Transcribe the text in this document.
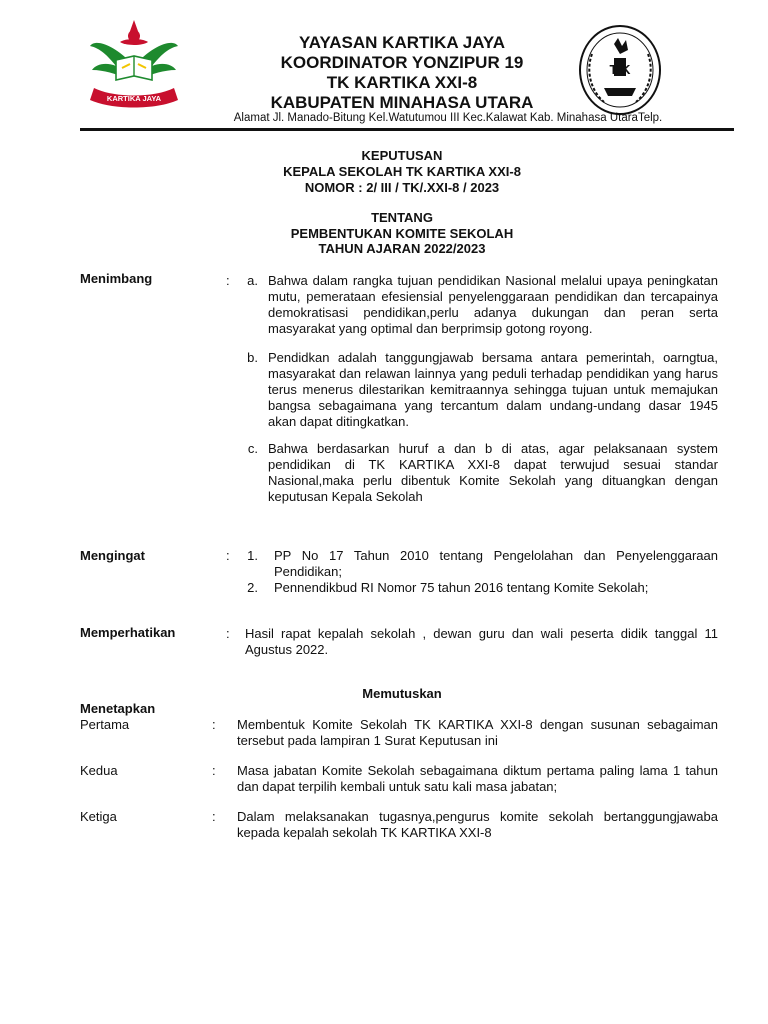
KARTIKA JAYA
T K
YAYASAN KARTIKA JAYA
KOORDINATOR YONZIPUR 19
TK KARTIKA XXI-8
KABUPATEN MINAHASA UTARA
Alamat Jl. Manado-Bitung Kel.Watutumou III Kec.Kalawat Kab. Minahasa UtaraTelp.
KEPUTUSAN
KEPALA SEKOLAH TK KARTIKA XXI-8
NOMOR : 2/ III / TK/.XXI-8 / 2023
TENTANG
PEMBENTUKAN KOMITE SEKOLAH
TAHUN AJARAN 2022/2023
Menimbang	:	a. Bahwa dalam rangka tujuan pendidikan Nasional melalui upaya peningkatan mutu, pemerataan efesiensial penyelenggaraan pendidikan dan tercapainya demokratisasi pendidikan,perlu adanya dukungan dan peran serta masyarakat yang optimal dan berprimsip gotong royong.

b. Pendidkan adalah tanggungjawab bersama antara pemerintah, oarngtua, masyarakat dan relawan lainnya yang peduli terhadap pendidikan yang harus terus menerus dilestarikan kemitraannya sehingga tujuan untuk memajukan bangsa sebagaimana yang tercantum dalam undang-undang dasar 1945 akan dapat ditingkatkan.

c. Bahwa berdasarkan huruf a dan b di atas, agar pelaksanaan system pendidikan di TK KARTIKA XXI-8 dapat terwujud sesuai standar Nasional,maka perlu dibentuk Komite Sekolah yang dituangkan dengan keputusan Kepala Sekolah

Mengingat	:	1. PP No 17 Tahun 2010 tentang Pengelolahan dan Penyelenggaraan Pendidikan;

2. Pennendikbud RI Nomor 75 tahun 2016 tentang Komite Sekolah;

Memperhatikan	: Hasil rapat kepalah sekolah , dewan guru dan wali peserta didik tanggal 11 Agustus 2022.

Memutuskan
Menetapkan
Pertama	: Membentuk Komite Sekolah TK KARTIKA XXI-8 dengan susunan sebagaiman tersebut pada lampiran 1 Surat Keputusan ini

Kedua	: Masa jabatan Komite Sekolah sebagaimana diktum pertama paling lama 1 tahun dan dapat terpilih kembali untuk satu kali masa jabatan;

Ketiga	: Dalam melaksanakan tugasnya,pengurus komite sekolah bertanggungjawaba kepada kepalah sekolah TK KARTIKA XXI-8
